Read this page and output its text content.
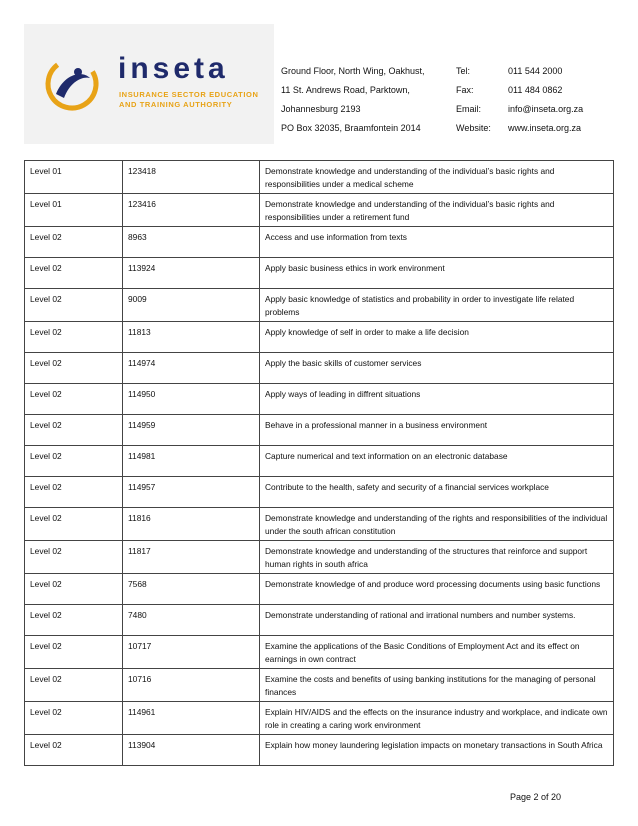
inseta
INSURANCE SECTOR EDUCATION
AND TRAINING AUTHORITY
Ground Floor, North Wing, Oakhust,
11 St. Andrews Road, Parktown,
Johannesburg 2193
PO Box 32035, Braamfontein 2014
Tel:	011 544 2000
Fax:	011 484 0862
Email:	info@inseta.org.za
Website: www.inseta.org.za
Level 01	123418	Demonstrate knowledge and understanding of the individual’s basic rights and responsibilities under a medical scheme
Level 01	123416	Demonstrate knowledge and understanding of the individual’s basic rights and responsibilities under a retirement fund
Level 02	8963	Access and use information from texts
Level 02	113924	Apply basic business ethics in work environment
Level 02	9009	Apply basic knowledge of statistics and probability in order to investigate life related problems
Level 02	11813	Apply knowledge of self in order to make a life decision
Level 02	114974	Apply the basic skills of customer services
Level 02	114950	Apply ways of leading in diffrent situations
Level 02	114959	Behave in a professional manner in a business environment
Level 02	114981	Capture numerical and text information on an electronic database
Level 02	114957	Contribute to the health, safety and security of a financial services workplace
Level 02	11816	Demonstrate knowledge and understanding of the rights and responsibilities of the individual under the south african constitution
Level 02	11817	Demonstrate knowledge and understanding of the structures that reinforce and support human rights in south africa
Level 02	7568	Demonstrate knowledge of and produce word processing documents using basic functions
Level 02	7480	Demonstrate understanding of rational and irrational numbers and number systems.
Level 02	10717	Examine the applications of the Basic Conditions of Employment Act and its effect on earnings in own contract
Level 02	10716	Examine the costs and benefits of using banking institutions for the managing of personal finances
Level 02	114961	Explain HIV/AIDS and the effects on the insurance industry and workplace, and indicate own role in creating a caring work environment
Level 02	113904	Explain how money laundering legislation impacts on monetary transactions in South Africa
Page 2 of 20
